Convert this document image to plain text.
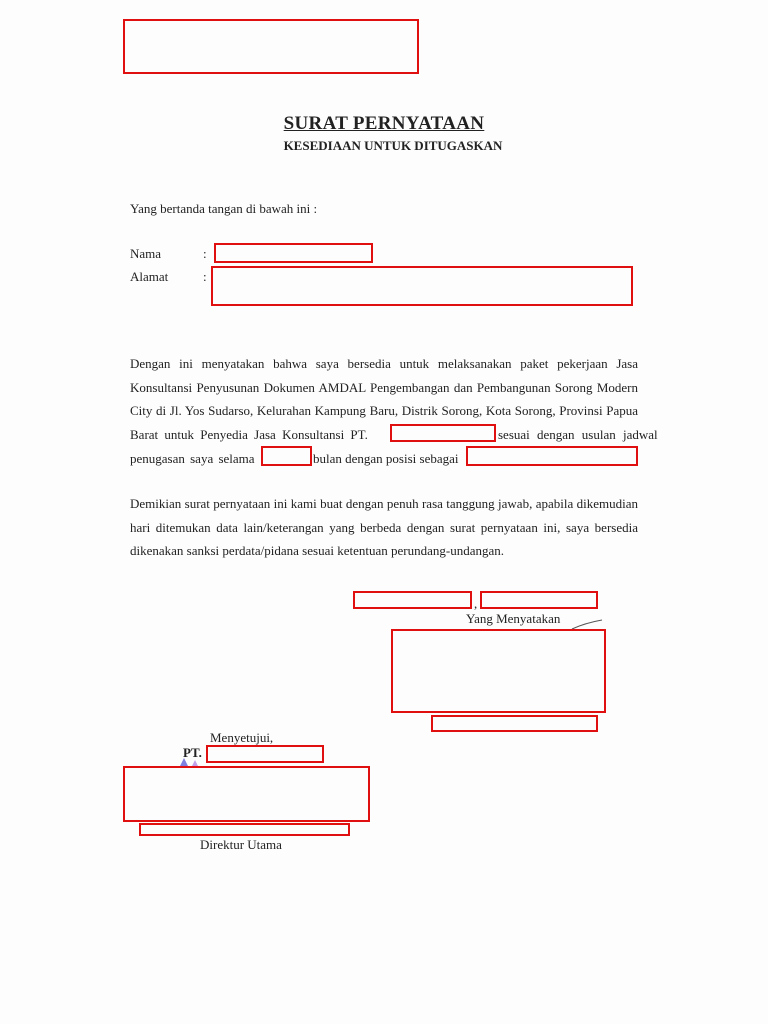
SURAT PERNYATAAN
KESEDIAAN UNTUK DITUGASKAN
Yang bertanda tangan di bawah ini :
Nama	:
Alamat	:
Dengan ini menyatakan bahwa saya bersedia untuk melaksanakan paket pekerjaan Jasa
Konsultansi Penyusunan Dokumen AMDAL Pengembangan dan Pembangunan Sorong Modern
City di Jl. Yos Sudarso, Kelurahan Kampung Baru, Distrik Sorong, Kota Sorong, Provinsi Papua
Barat untuk Penyedia Jasa Konsultansi PT.	sesuai dengan usulan jadwal
penugasan saya selama	bulan dengan posisi sebagai
Demikian surat pernyataan ini kami buat dengan penuh rasa tanggung jawab, apabila dikemudian
hari ditemukan data lain/keterangan yang berbeda dengan surat pernyataan ini, saya bersedia
dikenakan sanksi perdata/pidana sesuai ketentuan perundang-undangan.
,
Yang Menyatakan
Menyetujui,
PT.
Direktur Utama
